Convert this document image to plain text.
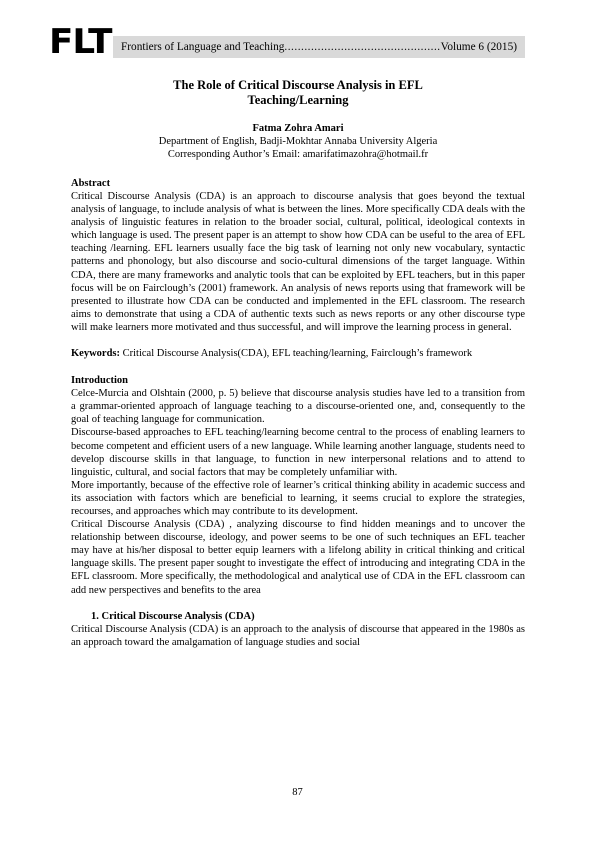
FLT Frontiers of Language and Teaching
.....	Volume 6 (2015)
The Role of Critical Discourse Analysis in EFL
Teaching/Learning
Fatma Zohra Amari
Department of English, Badji-Mokhtar Annaba University Algeria
Corresponding Author’s Email: amarifatimazohra@hotmail.fr
Abstract

Critical Discourse Analysis (CDA) is an approach to discourse analysis that goes beyond the textual analysis of language, to include analysis of what is between the lines. More specifically CDA deals with the analysis of linguistic features in relation to the broader social, cultural, political, ideological contexts in which language is used. The present paper is an attempt to show how CDA can be useful to the area of EFL teaching /learning. EFL learners usually face the big task of learning not only new vocabulary, syntactic patterns and phonology, but also discourse and socio-cultural dimensions of the target language. Within CDA, there are many frameworks and analytic tools that can be exploited by EFL teachers, but in this paper focus will be on Fairclough’s (2001) framework. An analysis of news reports using that framework will be presented to illustrate how CDA can be conducted and implemented in the EFL classroom. The research aims to demonstrate that using a CDA of authentic texts such as news reports or any other discourse type will make learners more motivated and thus successful, and will improve the learning process in general.

Keywords: Critical Discourse Analysis(CDA), EFL teaching/learning, Fairclough’s framework

Introduction

Celce-Murcia and Olshtain (2000, p. 5) believe that discourse analysis studies have led to a transition from a grammar-oriented approach of language teaching to a discourse-oriented one, and, consequently to the goal of teaching language for communication.

Discourse-based approaches to EFL teaching/learning become central to the process of enabling learners to become competent and efficient users of a new language. While learning another language, students need to develop discourse skills in that language, to function in new interpersonal relations and to attend to linguistic, cultural, and social factors that may be completely unfamiliar with.

More importantly, because of the effective role of learner’s critical thinking ability in academic success and its association with factors which are beneficial to learning, it seems crucial to explore the strategies, recourses, and approaches which may contribute to its development.

Critical Discourse Analysis (CDA) , analyzing discourse to find hidden meanings and to uncover the relationship between discourse, ideology, and power seems to be one of such techniques an EFL teacher may have at his/her disposal to better equip learners with a lifelong ability in critical thinking and critical language skills. The present paper sought to investigate the effect of introducing and integrating CDA in the EFL classroom. More specifically, the methodological and analytical use of CDA in the EFL classroom can add new perspectives and benefits to the area

1. Critical Discourse Analysis (CDA)

Critical Discourse Analysis (CDA) is an approach to the analysis of discourse that appeared in the 1980s as an approach toward the amalgamation of language studies and social

87
